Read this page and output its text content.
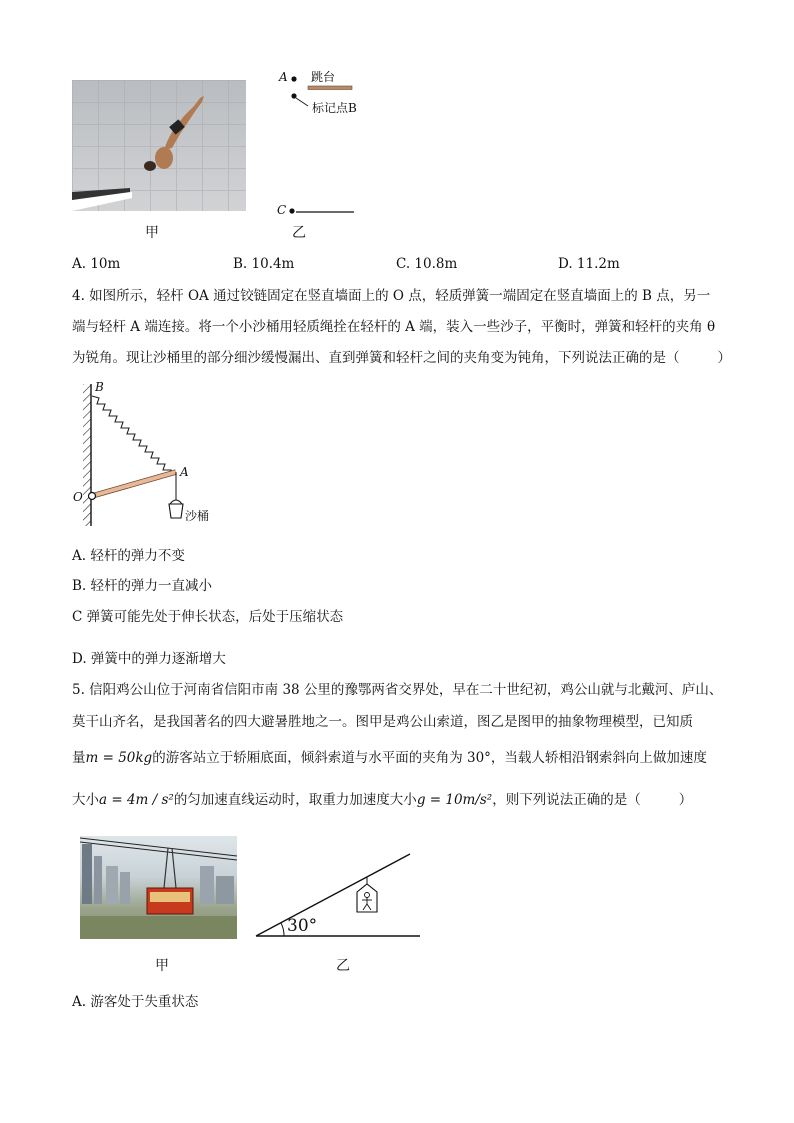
甲
A 跳台
标记点B
C
乙
A. 10m	B. 10.4m	C. 10.8m	D. 11.2m
4. 如图所示，轻杆 OA 通过铰链固定在竖直墙面上的 O 点，轻质弹簧一端固定在竖直墙面上的 B 点，另一
端与轻杆 A 端连接。将一个小沙桶用轻质绳拴在轻杆的 A 端，装入一些沙子，平衡时，弹簧和轻杆的夹角 θ
为锐角。现让沙桶里的部分细沙缓慢漏出、直到弹簧和轻杆之间的夹角变为钝角，下列说法正确的是（	）
B
A
O
沙桶
A. 轻杆的弹力不变
B. 轻杆的弹力一直减小
C 弹簧可能先处于伸长状态，后处于压缩状态
D. 弹簧中的弹力逐渐增大
5. 信阳鸡公山位于河南省信阳市南 38 公里的豫鄂两省交界处，早在二十世纪初，鸡公山就与北戴河、庐山、
莫干山齐名，是我国著名的四大避暑胜地之一。图甲是鸡公山索道，图乙是图甲的抽象物理模型，已知质
量m = 50kg的游客站立于轿厢底面，倾斜索道与水平面的夹角为 30°，当载人轿相沿钢索斜向上做加速度
大小a = 4m / s²的匀加速直线运动时，取重力加速度大小g = 10m/s²，则下列说法正确的是（	）
甲
30°
乙
A. 游客处于失重状态
